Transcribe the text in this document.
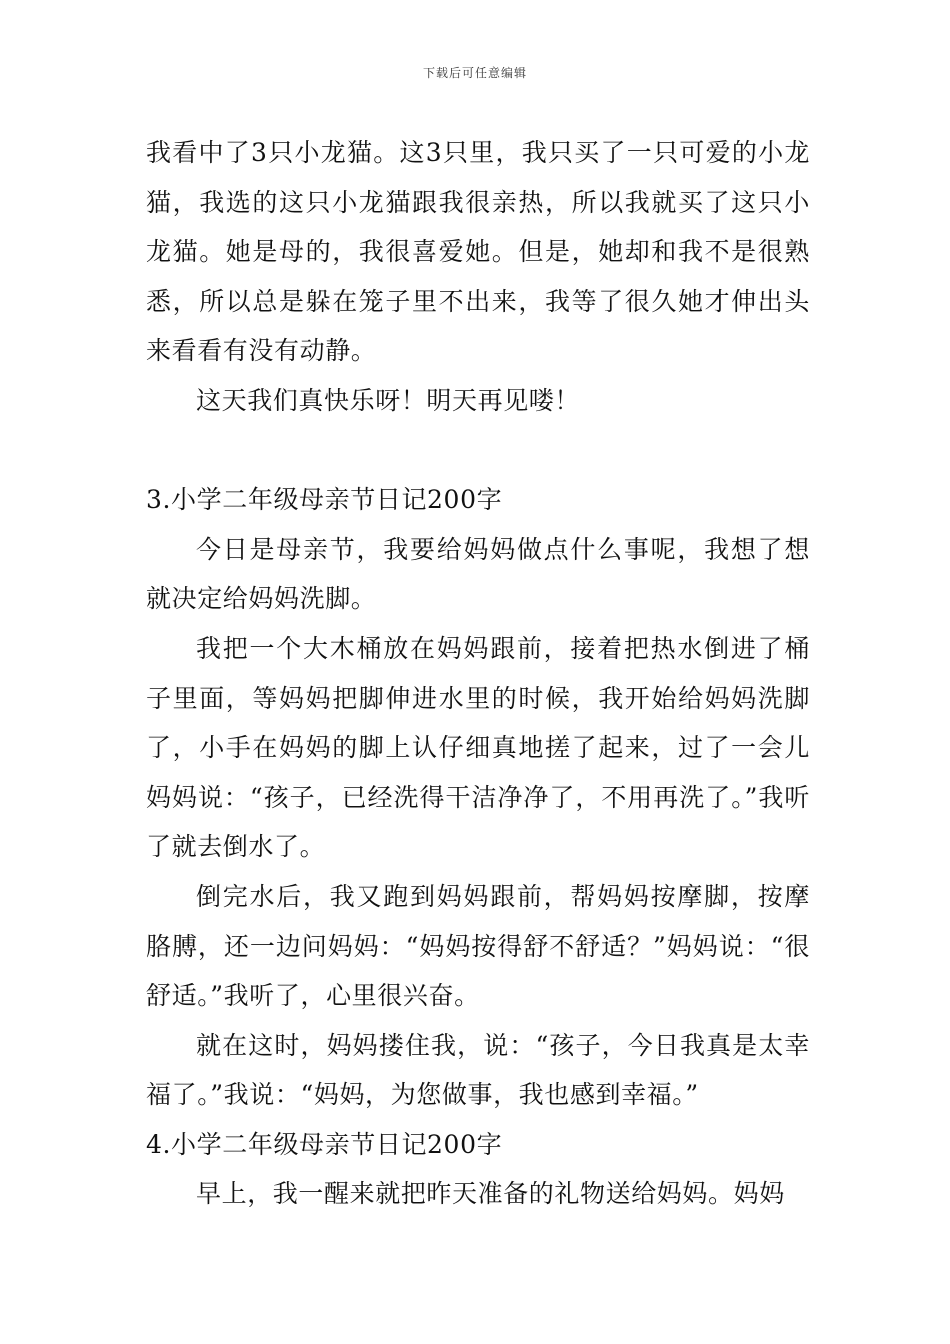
下载后可任意编辑

我看中了3只小龙猫。这3只里，我只买了一只可爱的小龙猫，我选的这只小龙猫跟我很亲热，所以我就买了这只小龙猫。她是母的，我很喜爱她。但是，她却和我不是很熟悉，所以总是躲在笼子里不出来，我等了很久她才伸出头来看看有没有动静。

这天我们真快乐呀！明天再见喽！

3.小学二年级母亲节日记200字

今日是母亲节，我要给妈妈做点什么事呢，我想了想就决定给妈妈洗脚。

我把一个大木桶放在妈妈跟前，接着把热水倒进了桶子里面，等妈妈把脚伸进水里的时候，我开始给妈妈洗脚了，小手在妈妈的脚上认仔细真地搓了起来，过了一会儿妈妈说：“孩子，已经洗得干洁净净了，不用再洗了。”我听了就去倒水了。

倒完水后，我又跑到妈妈跟前，帮妈妈按摩脚，按摩胳膊，还一边问妈妈：“妈妈按得舒不舒适？”妈妈说：“很舒适。”我听了，心里很兴奋。

就在这时，妈妈搂住我，说：“孩子，今日我真是太幸福了。”我说：“妈妈，为您做事，我也感到幸福。”

4.小学二年级母亲节日记200字

早上，我一醒来就把昨天准备的礼物送给妈妈。妈妈
